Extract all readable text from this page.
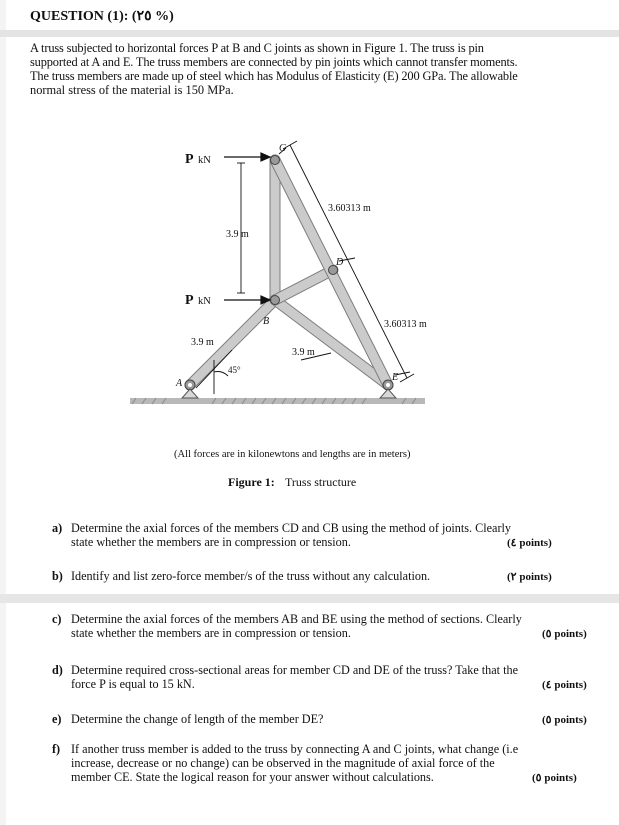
QUESTION (1): (٢٥ %)
A truss subjected to horizontal forces P at B and C joints as shown in Figure 1. The truss is pin
supported at A and E. The truss members are connected by pin joints which cannot transfer moments.
The truss members are made up of steel which has Modulus of Elasticity (E) 200 GPa. The allowable
normal stress of the material is 150 MPa.
P kN
P kN
3.9 m
3.9 m
3.9 m
3.60313 m
3.60313 m
45°
A
B
C
D
E
(All forces are in kilonewtons and lengths are in meters)
Figure 1: Truss structure
a) Determine the axial forces of the members CD and CB using the method of joints. Clearly
state whether the members are in compression or tension.	(٤ points)
b) Identify and list zero-force member/s of the truss without any calculation.	(٢ points)
c) Determine the axial forces of the members AB and BE using the method of sections. Clearly
state whether the members are in compression or tension.	(٥ points)
d) Determine required cross-sectional areas for member CD and DE of the truss? Take that the
force P is equal to 15 kN.	(٤ points)
e) Determine the change of length of the member DE?	(٥ points)
f) If another truss member is added to the truss by connecting A and C joints, what change (i.e
increase, decrease or no change) can be observed in the magnitude of axial force of the
member CE. State the logical reason for your answer without calculations.	(٥ points)
